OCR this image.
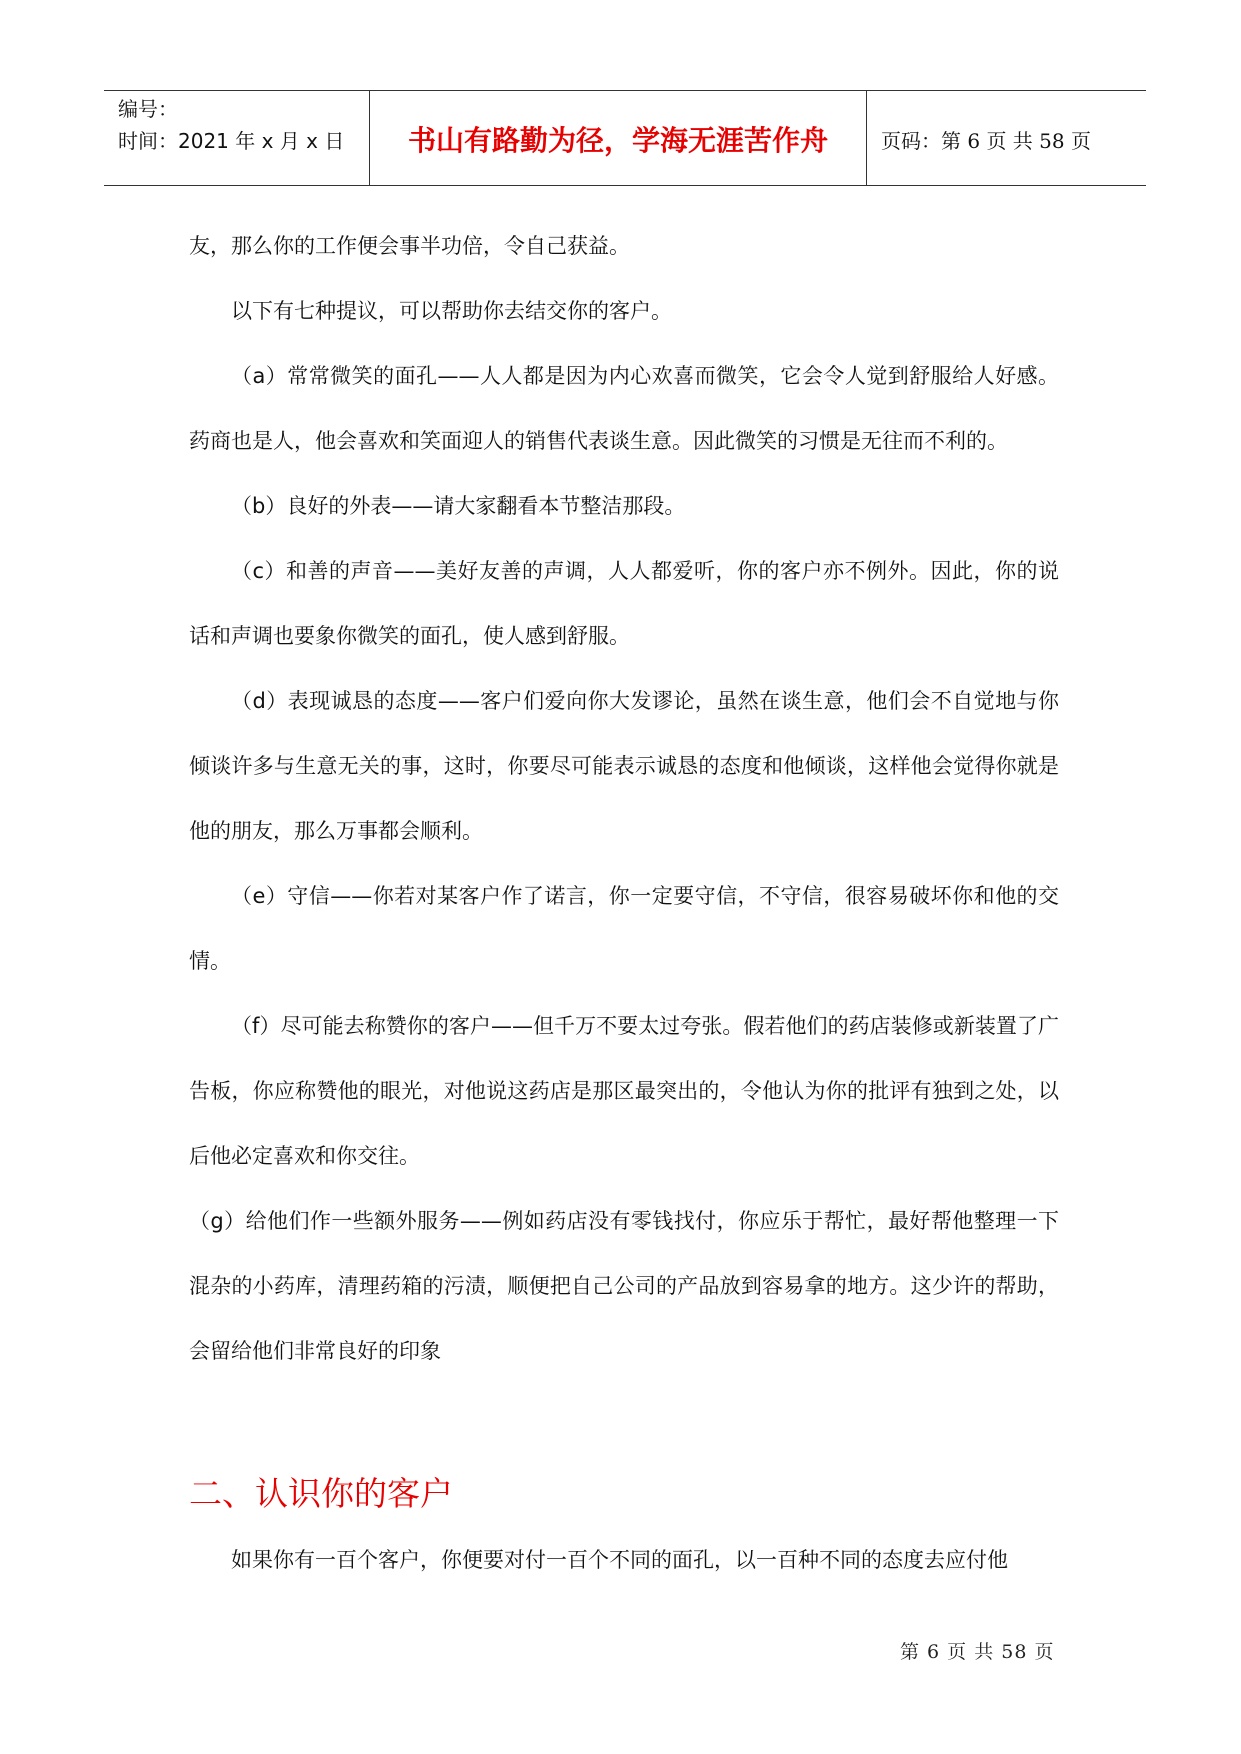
编号：
时间：2021 年 x 月 x 日	书山有路勤为径，学海无涯苦作舟	页码：第 6 页 共 58 页
友，那么你的工作便会事半功倍，令自己获益。
以下有七种提议，可以帮助你去结交你的客户。
（a）常常微笑的面孔——人人都是因为内心欢喜而微笑，它会令人觉到舒服给人好感。药商也是人，他会喜欢和笑面迎人的销售代表谈生意。因此微笑的习惯是无往而不利的。
（b）良好的外表——请大家翻看本节整洁那段。
（c）和善的声音——美好友善的声调，人人都爱听，你的客户亦不例外。因此，你的说话和声调也要象你微笑的面孔，使人感到舒服。
（d）表现诚恳的态度——客户们爱向你大发谬论，虽然在谈生意，他们会不自觉地与你倾谈许多与生意无关的事，这时，你要尽可能表示诚恳的态度和他倾谈，这样他会觉得你就是他的朋友，那么万事都会顺利。
（e）守信——你若对某客户作了诺言，你一定要守信，不守信，很容易破坏你和他的交情。
（f）尽可能去称赞你的客户——但千万不要太过夸张。假若他们的药店装修或新装置了广告板，你应称赞他的眼光，对他说这药店是那区最突出的，令他认为你的批评有独到之处，以后他必定喜欢和你交往。
（g）给他们作一些额外服务——例如药店没有零钱找付，你应乐于帮忙，最好帮他整理一下混杂的小药库，清理药箱的污渍，顺便把自己公司的产品放到容易拿的地方。这少许的帮助，会留给他们非常良好的印象
二、认识你的客户
如果你有一百个客户，你便要对付一百个不同的面孔，以一百种不同的态度去应付他
第 6 页 共 58 页
